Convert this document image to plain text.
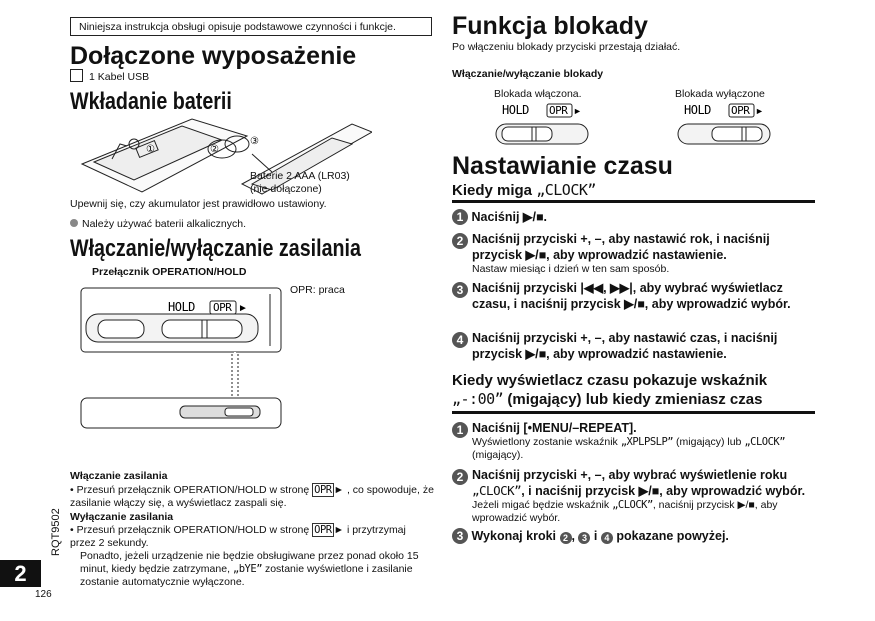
Niniejsza instrukcja obsługi opisuje podstawowe czynności i funkcje.
Dołączone wyposażenie
1 Kabel USB
Wkładanie baterii
①	②
③
Baterie 2 AAA (LR03)
(nie dołączone)
Upewnij się, czy akumulator jest prawidłowo ustawiony.
Należy używać baterii alkalicznych.
Włączanie/wyłączanie zasilania
Przełącznik OPERATION/HOLD
OPR: praca
HOLD OPR ►
Włączanie zasilania
• Przesuń przełącznik OPERATION/HOLD w stronę OPR ► , co spowoduje, że zasilanie włączy się, a wyświetlacz zaspali się.
Wyłączanie zasilania
• Przesuń przełącznik OPERATION/HOLD w stronę OPR ► i przytrzymaj przez 2 sekundy.

Ponadto, jeżeli urządzenie nie będzie obsługiwane przez ponad około 15 minut, kiedy będzie zatrzymane, „bYE” zostanie wyświetlone i zasilanie zostanie automatycznie wyłączone.
RQT9502
2
126
Funkcja blokady
Po włączeniu blokady przyciski przestają działać.
Włączanie/wyłączanie blokady
Blokada włączona.	Blokada wyłączone
HOLD OPR ►	HOLD OPR ►
Nastawianie czasu
Kiedy miga „CLOCK”
1 Naciśnij ▶/■.
2 Naciśnij przyciski +, –, aby nastawić rok, i naciśnij przycisk ▶/■, aby wprowadzić nastawienie.
Nastaw miesiąc i dzień w ten sam sposób.
3 Naciśnij przyciski |◀◀, ▶▶|, aby wybrać wyświetlacz czasu, i naciśnij przycisk ▶/■, aby wprowadzić wybór.
4 Naciśnij przyciski +, –, aby nastawić czas, i naciśnij przycisk ▶/■, aby wprowadzić nastawienie.
Kiedy wyświetlacz czasu pokazuje wskaźnik
„-:00” (migający) lub kiedy zmieniasz czas
1 Naciśnij [•MENU/–REPEAT].
Wyświetlony zostanie wskaźnik „XPLPSLP” (migający) lub „CLOCK” (migający).
2 Naciśnij przyciski +, –, aby wybrać wyświetlenie roku „CLOCK”, i naciśnij przycisk ▶/■, aby wprowadzić wybór.
Jeżeli migać będzie wskaźnik „CLOCK”, naciśnij przycisk ▶/■, aby wprowadzić wybór.
3 Wykonaj kroki 2 , 3 i 4 pokazane powyżej.
